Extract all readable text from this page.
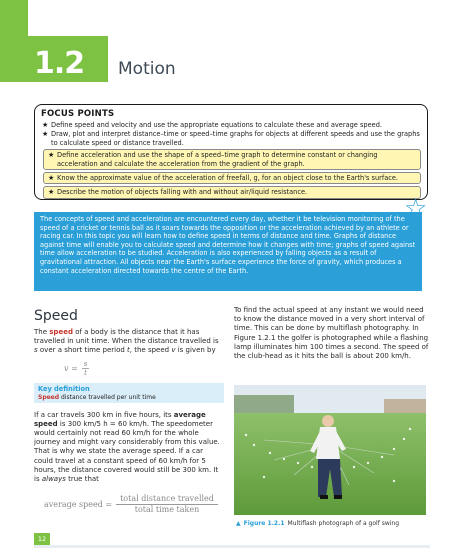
1.2 Motion
FOCUS POINTS
★ Define speed and velocity and use the appropriate equations to calculate these and average speed.
★ Draw, plot and interpret distance–time or speed–time graphs for objects at different speeds and use the graphs to calculate speed or distance travelled.
★ Define acceleration and use the shape of a speed–time graph to determine constant or changing acceleration and calculate the acceleration from the gradient of the graph.
★ Know the approximate value of the acceleration of freefall, g, for an object close to the Earth's surface.
★ Describe the motion of objects falling with and without air/liquid resistance.
The concepts of speed and acceleration are encountered every day, whether it be television monitoring of the speed of a cricket or tennis ball as it soars towards the opposition or the acceleration achieved by an athlete or racing car. In this topic you will learn how to define speed in terms of distance and time. Graphs of distance against time will enable you to calculate speed and determine how it changes with time; graphs of speed against time allow acceleration to be studied. Acceleration is also experienced by falling objects as a result of gravitational attraction. All objects near the Earth's surface experience the force of gravity, which produces a constant acceleration directed towards the centre of the Earth.
☆
Speed

The speed of a body is the distance that it has travelled in unit time. When the distance travelled is s over a short time period t, the speed v is given by

$v = \frac{s}{t}$
Key definition
Speed distance travelled per unit time

If a car travels 300 km in five hours, its average speed is 300 km/5 h = 60 km/h. The speedometer would certainly not read 60 km/h for the whole journey and might vary considerably from this value. That is why we state the average speed. If a car could travel at a constant speed of 60 km/h for 5 hours, the distance covered would still be 300 km. It is always true that

average speed = $\frac{\text{total distance travelled}}{\text{total time taken}}$

To find the actual speed at any instant we would need to know the distance moved in a very short interval of time. This can be done by multiflash photography. In Figure 1.2.1 the golfer is photographed while a flashing lamp illuminates him 100 times a second. The speed of the club-head as it hits the ball is about 200 km/h.

▲ Figure 1.2.1 Multiflash photograph of a golf swing
12
